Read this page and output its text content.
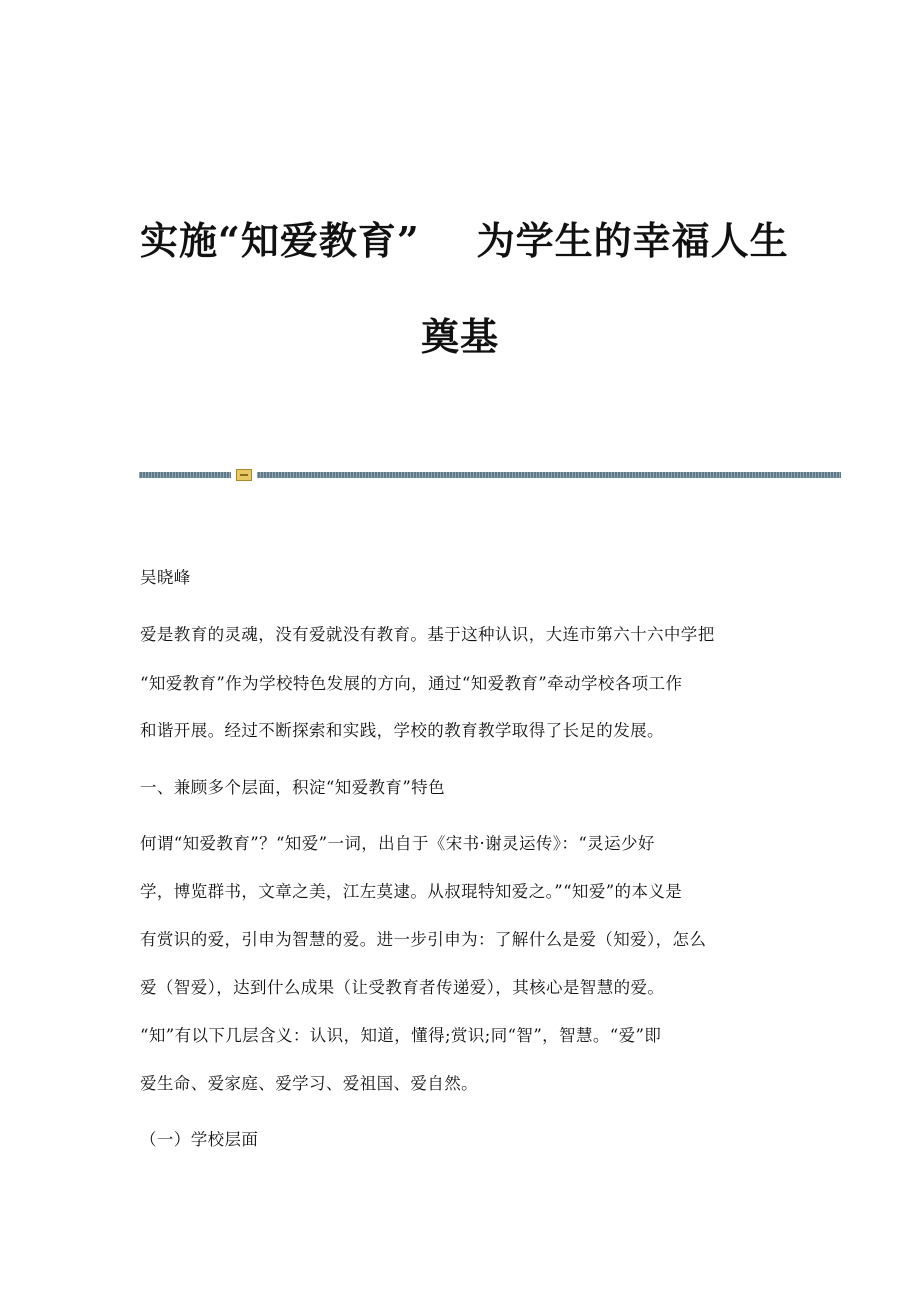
实施“知爱教育”    为学生的幸福人生
奠基

吴晓峰

爱是教育的灵魂，没有爱就没有教育。基于这种认识，大连市第六十六中学把

“知爱教育”作为学校特色发展的方向，通过“知爱教育”牵动学校各项工作

和谐开展。经过不断探索和实践，学校的教育教学取得了长足的发展。

一、兼顾多个层面，积淀“知爱教育”特色

何谓“知爱教育”？“知爱”一词，出自于《宋书·谢灵运传》：“灵运少好

学，博览群书，文章之美，江左莫逮。从叔琨特知爱之。”“知爱”的本义是

有赏识的爱，引申为智慧的爱。进一步引申为：了解什么是爱（知爱），怎么

爱（智爱），达到什么成果（让受教育者传递爱），其核心是智慧的爱。

“知”有以下几层含义：认识，知道，懂得;赏识;同“智”，智慧。“爱”即

爱生命、爱家庭、爱学习、爱祖国、爱自然。

（一）学校层面
